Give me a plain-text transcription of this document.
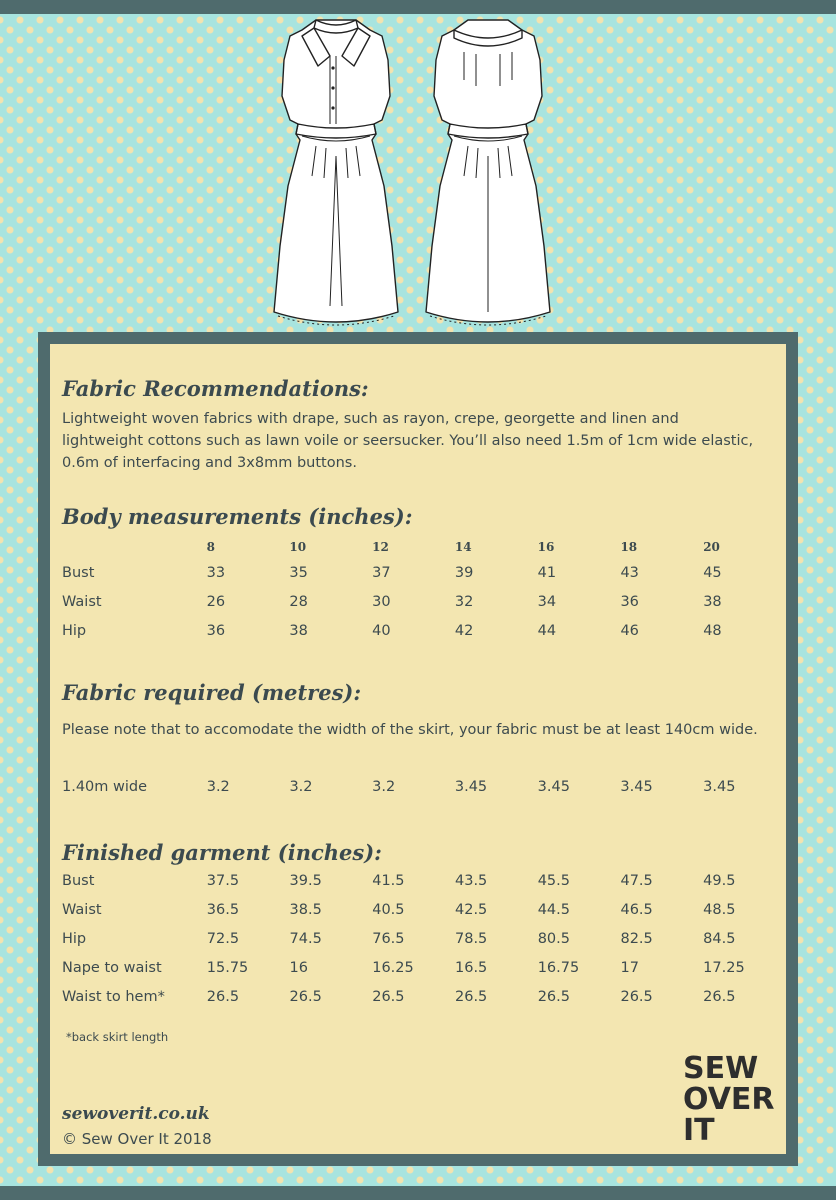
Fabric Recommendations:

Lightweight woven fabrics with drape, such as rayon, crepe, georgette and linen and lightweight cottons such as lawn voile or seersucker. You’ll also need 1.5m of 1cm wide elastic, 0.6m of interfacing and 3x8mm buttons.

Body measurements (inches):
	8	10	12	14	16	18	20
Bust	33	35	37	39	41	43	45
Waist	26	28	30	32	34	36	38
Hip	36	38	40	42	44	46	48
Fabric required (metres):

Please note that to accomodate the width of the skirt, your fabric must be at least 140cm wide.

1.40m wide	3.2	3.2	3.2	3.45	3.45	3.45	3.45
Finished garment (inches):
Bust	37.5	39.5	41.5	43.5	45.5	47.5	49.5
Waist	36.5	38.5	40.5	42.5	44.5	46.5	48.5
Hip	72.5	74.5	76.5	78.5	80.5	82.5	84.5
Nape to waist	15.75	16	16.25	16.5	16.75	17	17.25
Waist to hem*	26.5	26.5	26.5	26.5	26.5	26.5	26.5
*back skirt length
sewoverit.co.uk
© Sew Over It 2018
SEW
OVER
IT
